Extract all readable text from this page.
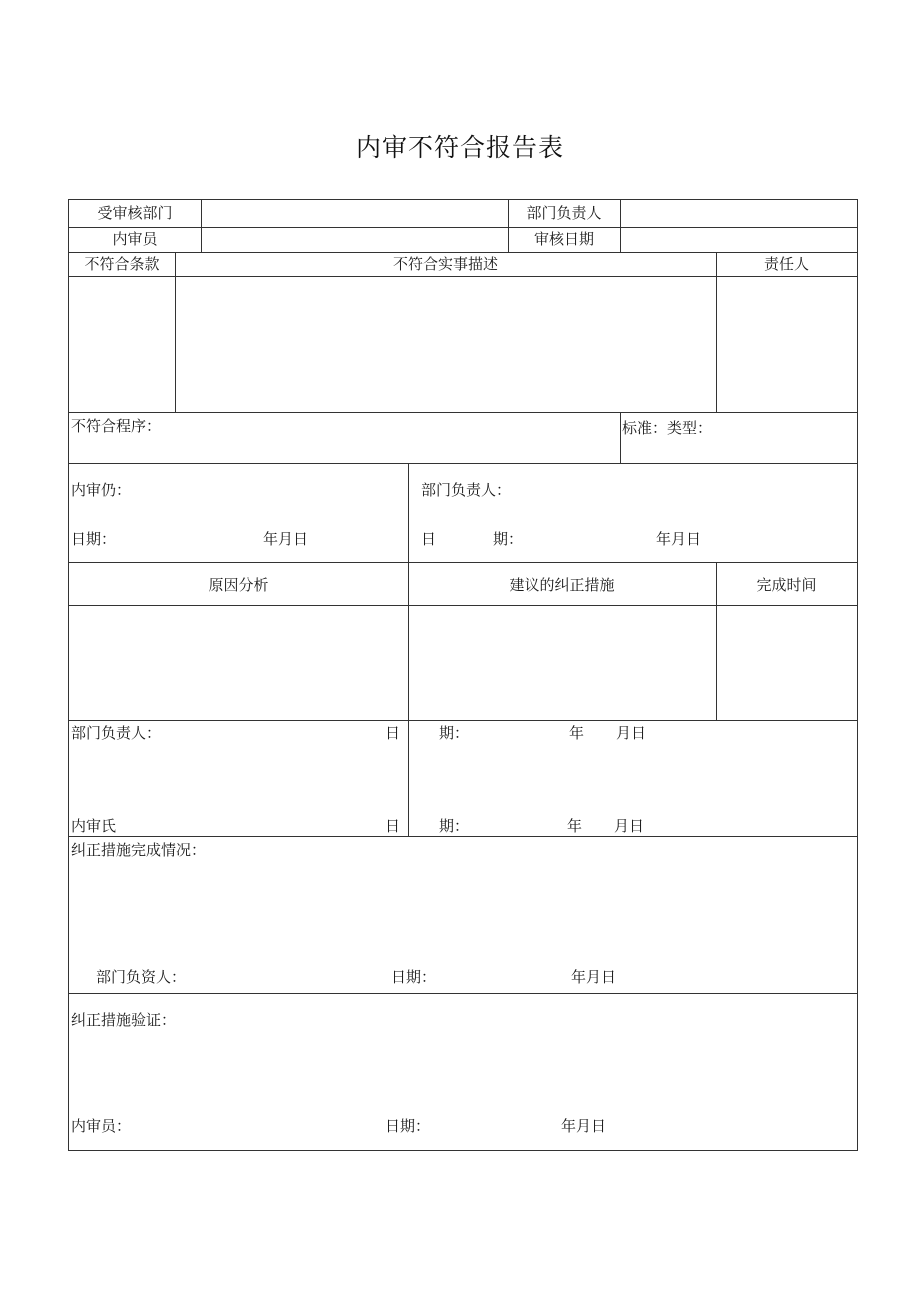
内审不符合报告表
受审核部门	部门负责人
内审员	审核日期
不符合条款	不符合实事描述	责任人
不符合程序：	标准：类型：
内审仍：
日期：	年月日
部门负责人：
日	期：	年月日
原因分析	建议的纠正措施	完成时间
部门负责人：	日	期：	年 月日
内审氏	日	期：	年 月日
纠正措施完成情况：
部门负资人：	日期：	年月日
纠正措施验证：
内审员：	日期：	年月日
